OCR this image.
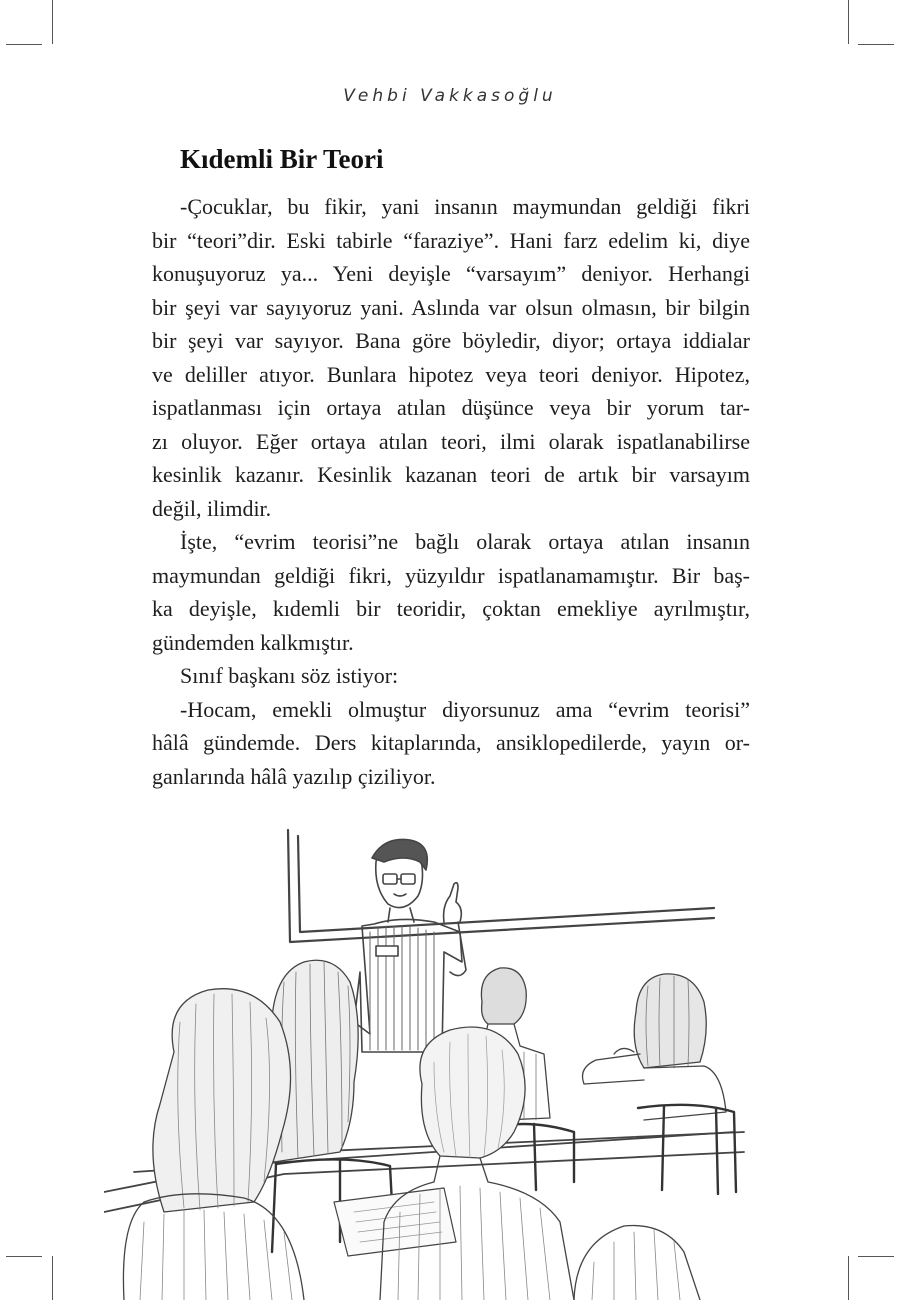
Vehbi Vakkasoğlu
Kıdemli Bir Teori
-Çocuklar, bu fikir, yani insanın maymundan geldiği fikri
bir “teori”dir. Eski tabirle “faraziye”. Hani farz edelim ki, diye
konuşuyoruz ya... Yeni deyişle “varsayım” deniyor. Herhangi
bir şeyi var sayıyoruz yani. Aslında var olsun olmasın, bir bilgin
bir şeyi var sayıyor. Bana göre böyledir, diyor; ortaya iddialar
ve deliller atıyor. Bunlara hipotez veya teori deniyor. Hipotez,
ispatlanması için ortaya atılan düşünce veya bir yorum tar-
zı oluyor. Eğer ortaya atılan teori, ilmi olarak ispatlanabilirse
kesinlik kazanır. Kesinlik kazanan teori de artık bir varsayım
değil, ilimdir.
İşte, “evrim teorisi”ne bağlı olarak ortaya atılan insanın
maymundan geldiği fikri, yüzyıldır ispatlanamamıştır. Bir baş-
ka deyişle, kıdemli bir teoridir, çoktan emekliye ayrılmıştır,
gündemden kalkmıştır.
Sınıf başkanı söz istiyor:
-Hocam, emekli olmuştur diyorsunuz ama “evrim teorisi”
hâlâ gündemde. Ders kitaplarında, ansiklopedilerde, yayın or-
ganlarında hâlâ yazılıp çiziliyor.
